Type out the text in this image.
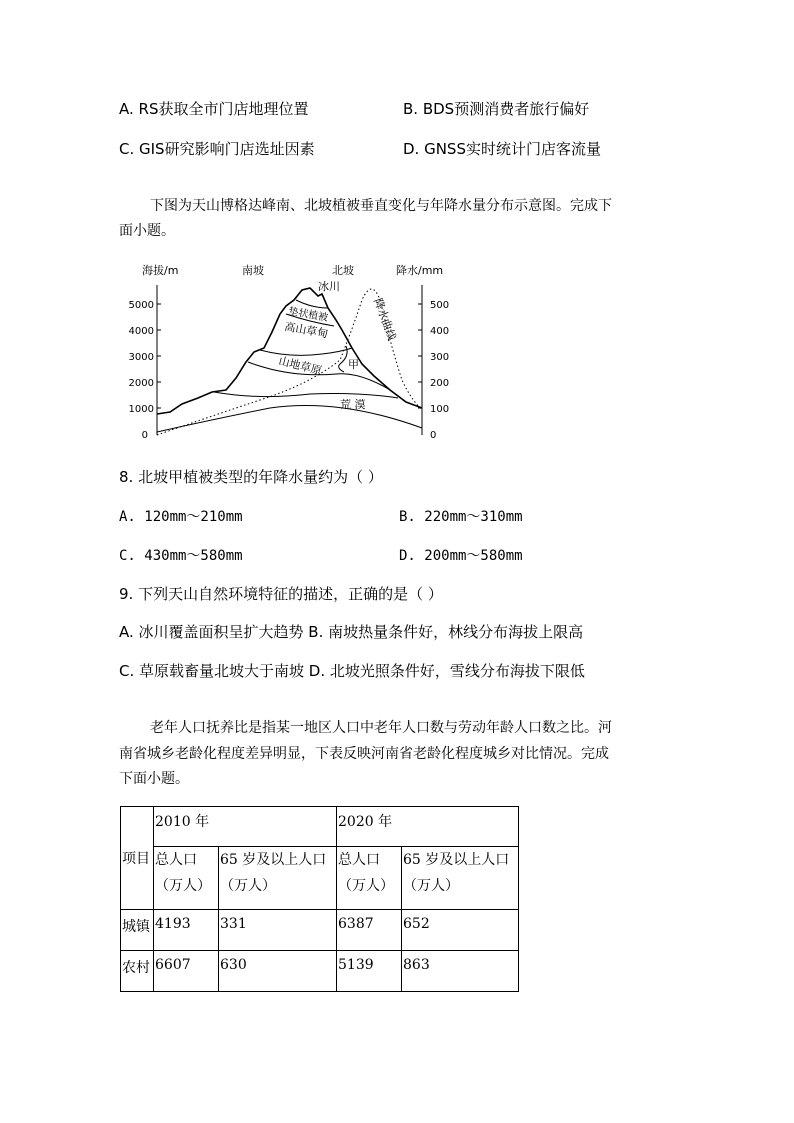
A. RS获取全市门店地理位置	B. BDS预测消费者旅行偏好
C. GIS研究影响门店选址因素	D. GNSS实时统计门店客流量
下图为天山博格达峰南、北坡植被垂直变化与年降水量分布示意图。完成下
面小题。
海拔/m	南坡	北坡	降水/mm
5000
4000
3000
2000
1000
0
500
400
300
200
100
0
冰川
垫状植被
高山草甸
山地草原 甲
荒 漠
降水曲线
8. 北坡甲植被类型的年降水量约为（ ）
A. 120mm～210mm	B. 220mm～310mm
C. 430mm～580mm	D. 200mm～580mm
9. 下列天山自然环境特征的描述，正确的是（ ）
A. 冰川覆盖面积呈扩大趋势 B. 南坡热量条件好，林线分布海拔上限高
C. 草原载畜量北坡大于南坡 D. 北坡光照条件好，雪线分布海拔下限低
老年人口抚养比是指某一地区人口中老年人口数与劳动年龄人口数之比。河
南省城乡老龄化程度差异明显，下表反映河南省老龄化程度城乡对比情况。完成
下面小题。
项目	2010 年		2020 年	
	总人口（万人）	65 岁及以上人口（万人）	总人口（万人）	65 岁及以上人口（万人）
城镇	4193	331	6387	652
农村	6607	630	5139	863
